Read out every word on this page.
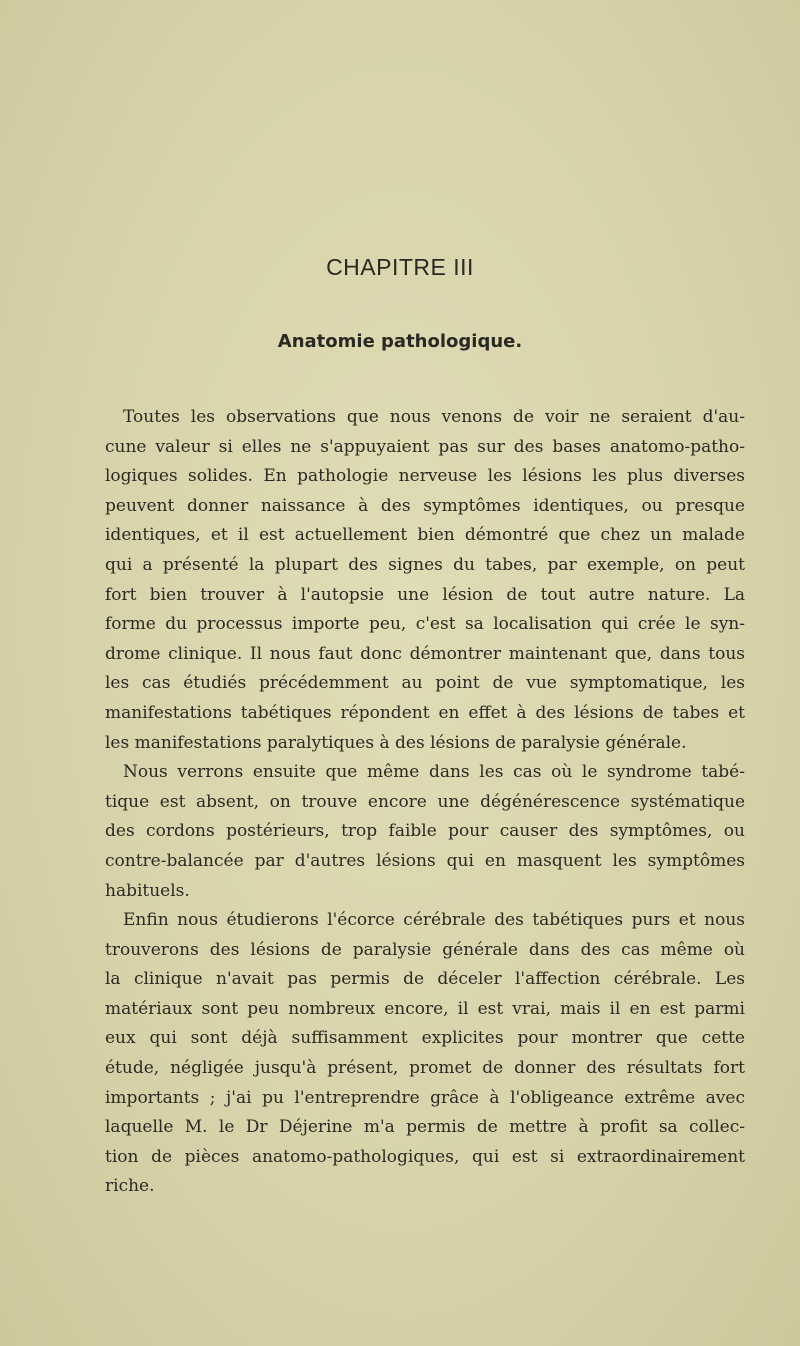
CHAPITRE III
Anatomie pathologique.
Toutes les observations que nous venons de voir ne seraient d'au-
cune valeur si elles ne s'appuyaient pas sur des bases anatomo-patho-
logiques solides. En pathologie nerveuse les lésions les plus diverses
peuvent donner naissance à des symptômes identiques, ou presque
identiques, et il est actuellement bien démontré que chez un malade
qui a présenté la plupart des signes du tabes, par exemple, on peut
fort bien trouver à l'autopsie une lésion de tout autre nature. La
forme du processus importe peu, c'est sa localisation qui crée le syn-
drome clinique. Il nous faut donc démontrer maintenant que, dans tous
les cas étudiés précédemment au point de vue symptomatique, les
manifestations tabétiques répondent en effet à des lésions de tabes et
les manifestations paralytiques à des lésions de paralysie générale.
Nous verrons ensuite que même dans les cas où le syndrome tabé-
tique est absent, on trouve encore une dégénérescence systématique
des cordons postérieurs, trop faible pour causer des symptômes, ou
contre-balancée par d'autres lésions qui en masquent les symptômes
habituels.
Enfin nous étudierons l'écorce cérébrale des tabétiques purs et nous
trouverons des lésions de paralysie générale dans des cas même où
la clinique n'avait pas permis de déceler l'affection cérébrale. Les
matériaux sont peu nombreux encore, il est vrai, mais il en est parmi
eux qui sont déjà suffisamment explicites pour montrer que cette
étude, négligée jusqu'à présent, promet de donner des résultats fort
importants ; j'ai pu l'entreprendre grâce à l'obligeance extrême avec
laquelle M. le Dr Déjerine m'a permis de mettre à profit sa collec-
tion de pièces anatomo-pathologiques, qui est si extraordinairement
riche.
